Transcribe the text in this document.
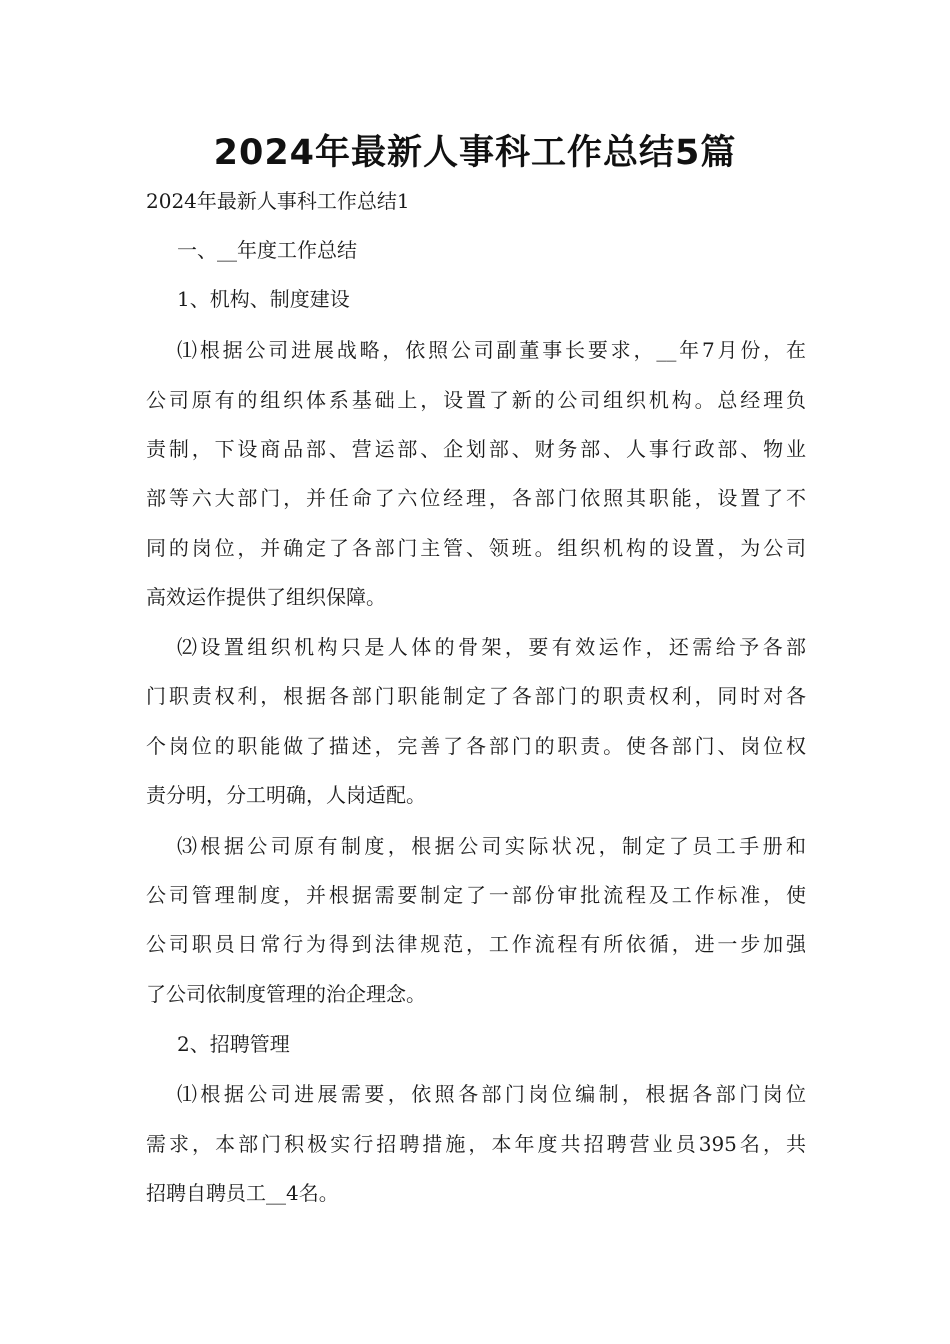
2024年最新人事科工作总结5篇
2024年最新人事科工作总结1
一、__年度工作总结
1、机构、制度建设
⑴根据公司进展战略，依照公司副董事长要求，__年7月份，在
公司原有的组织体系基础上，设置了新的公司组织机构。总经理负
责制，下设商品部、营运部、企划部、财务部、人事行政部、物业
部等六大部门，并任命了六位经理，各部门依照其职能，设置了不
同的岗位，并确定了各部门主管、领班。组织机构的设置，为公司
高效运作提供了组织保障。
⑵设置组织机构只是人体的骨架，要有效运作，还需给予各部
门职责权利，根据各部门职能制定了各部门的职责权利，同时对各
个岗位的职能做了描述，完善了各部门的职责。使各部门、岗位权
责分明，分工明确，人岗适配。
⑶根据公司原有制度，根据公司实际状况，制定了员工手册和
公司管理制度，并根据需要制定了一部份审批流程及工作标准，使
公司职员日常行为得到法律规范，工作流程有所依循，进一步加强
了公司依制度管理的治企理念。
2、招聘管理
⑴根据公司进展需要，依照各部门岗位编制，根据各部门岗位
需求，本部门积极实行招聘措施，本年度共招聘营业员395名，共
招聘自聘员工__4名。
